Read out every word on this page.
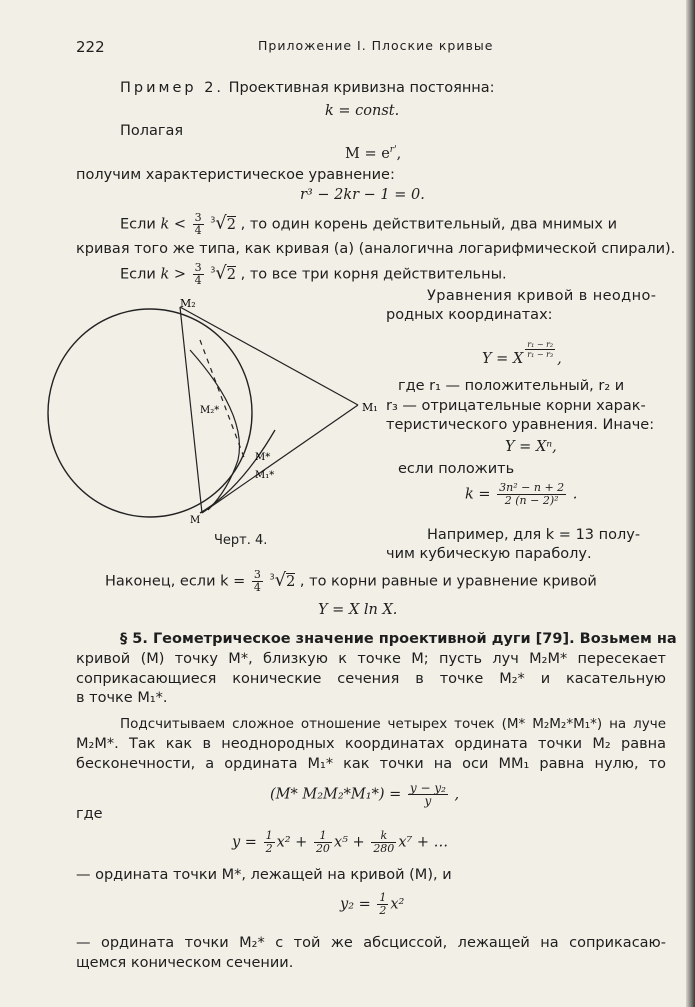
222	Приложение I. Плоские кривые
Пример 2. Проективная кривизна постоянна:
k = const.
Полагая
$M = e^{r'}$,
получим характеристическое уравнение:
r³ − 2kr − 1 = 0.
Если $k < \frac{3}{4} ^3√2$ , то один корень действительный, два мнимых и
кривая того же типа, как кривая (а) (аналогична логарифмической спирали).
Если $k > \frac{3}{4} ^3√2$ , то все три корня действительны.
M₂
M₁
M₂*
M*
M₁*
M
Черт. 4.
Уравнения кривой в неодно-
родных координатах:
Y = X $\frac{\text{r₁ − r₂}}{\text{r₁ − r₃}}$ ,
где r₁ — положительный, r₂ и
r₃ — отрицательные корни харак-
теристического уравнения. Иначе:
Y = Xⁿ,
если положить
$k = \frac{\text{3n² − n + 2}}{\text{2 (n − 2)²}}$ .
Например, для k = 13 полу-
чим кубическую параболу.
Наконец, если $k = \frac{3}{4} ^3√2$ , то корни равные и уравнение кривой
Y = X ln X.
§ 5. Геометрическое значение проективной дуги [79]. Возьмем на
кривой (M) точку M*, близкую к точке M; пусть луч M₂M* пересекает
соприкасающиеся конические сечения в точке M₂* и касательную
в точке M₁*.
Подсчитываем сложное отношение четырех точек (M* M₂M₂*M₁*) на луче
M₂M*. Так как в неоднородных координатах ордината точки M₂ равна
бесконечности, а ордината M₁* как точки на оси MM₁ равна нулю, то
(M* $M_2M_2*M_1*) = \frac{\text{y − y₂}}{y}$ ,
где
$y = \frac{1}{2} x^2 + \frac{1}{20} x^5 + \frac{k}{280} x^7$ + …
— ордината точки M*, лежащей на кривой (M), и
$y_2 = \frac{1}{2} x^2$
— ордината точки M₂* с той же абсциссой, лежащей на соприкасаю-
щемся коническом сечении.
